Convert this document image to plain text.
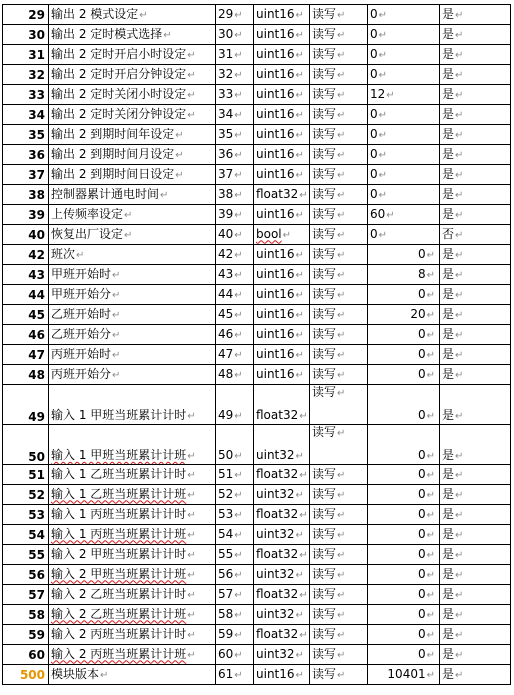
29	输出 2 模式设定↵	29↵	uint16↵	读写↵	0↵	是↵
30	输出 2 定时模式选择↵	30↵	uint16↵	读写↵	0↵	是↵
31	输出 2 定时开启小时设定↵	31↵	uint16↵	读写↵	0↵	是↵
32	输出 2 定时开启分钟设定↵	32↵	uint16↵	读写↵	0↵	是↵
33	输出 2 定时关闭小时设定↵	33↵	uint16↵	读写↵	12↵	是↵
34	输出 2 定时关闭分钟设定↵	34↵	uint16↵	读写↵	0↵	是↵
35	输出 2 到期时间年设定↵	35↵	uint16↵	读写↵	0↵	是↵
36	输出 2 到期时间月设定↵	36↵	uint16↵	读写↵	0↵	是↵
37	输出 2 到期时间日设定↵	37↵	uint16↵	读写↵	0↵	是↵
38	控制器累计通电时间↵	38↵	float32↵	读写↵	0↵	是↵
39	上传频率设定↵	39↵	uint16↵	读写↵	60↵	是↵
40	恢复出厂设定↵	40↵	bool↵	读写↵	0↵	否↵
42	班次↵	42↵	uint16↵	读写↵	0↵	是↵
43	甲班开始时↵	43↵	uint16↵	读写↵	8↵	是↵
44	甲班开始分↵	44↵	uint16↵	读写↵	0↵	是↵
45	乙班开始时↵	45↵	uint16↵	读写↵	20↵	是↵
46	乙班开始分↵	46↵	uint16↵	读写↵	0↵	是↵
47	丙班开始时↵	47↵	uint16↵	读写↵	0↵	是↵
48	丙班开始分↵	48↵	uint16↵	读写↵	0↵	是↵
49	输入 1 甲班当班累计计时↵	49↵	float32↵	读写↵	0↵	是↵
50	输入 1 甲班当班累计计班↵	50↵	uint32↵	读写↵	0↵	是↵
51	输入 1 乙班当班累计计时↵	51↵	float32↵	读写↵	0↵	是↵
52	输入 1 乙班当班累计计班↵	52↵	uint32↵	读写↵	0↵	是↵
53	输入 1 丙班当班累计计时↵	53↵	float32↵	读写↵	0↵	是↵
54	输入 1 丙班当班累计计班↵	54↵	uint32↵	读写↵	0↵	是↵
55	输入 2 甲班当班累计计时↵	55↵	float32↵	读写↵	0↵	是↵
56	输入 2 甲班当班累计计班↵	56↵	uint32↵	读写↵	0↵	是↵
57	输入 2 乙班当班累计计时↵	57↵	float32↵	读写↵	0↵	是↵
58	输入 2 乙班当班累计计班↵	58↵	uint32↵	读写↵	0↵	是↵
59	输入 2 丙班当班累计计时↵	59↵	float32↵	读写↵	0↵	是↵
60	输入 2 丙班当班累计计班↵	60↵	uint32↵	读写↵	0↵	是↵
500	模块版本↵	61↵	uint16↵	读写↵	10401↵	是↵
